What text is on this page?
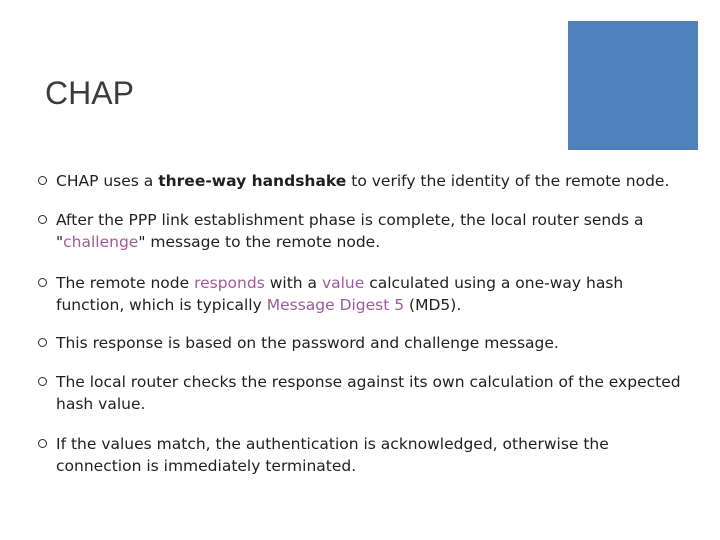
CHAP
CHAP uses a three-way handshake to verify the identity of the remote node.
After the PPP link establishment phase is complete, the local router sends a "challenge" message to the remote node.
The remote node responds with a value calculated using a one-way hash function, which is typically Message Digest 5 (MD5).
This response is based on the password and challenge message.
The local router checks the response against its own calculation of the expected hash value.
If the values match, the authentication is acknowledged, otherwise the connection is immediately terminated.
